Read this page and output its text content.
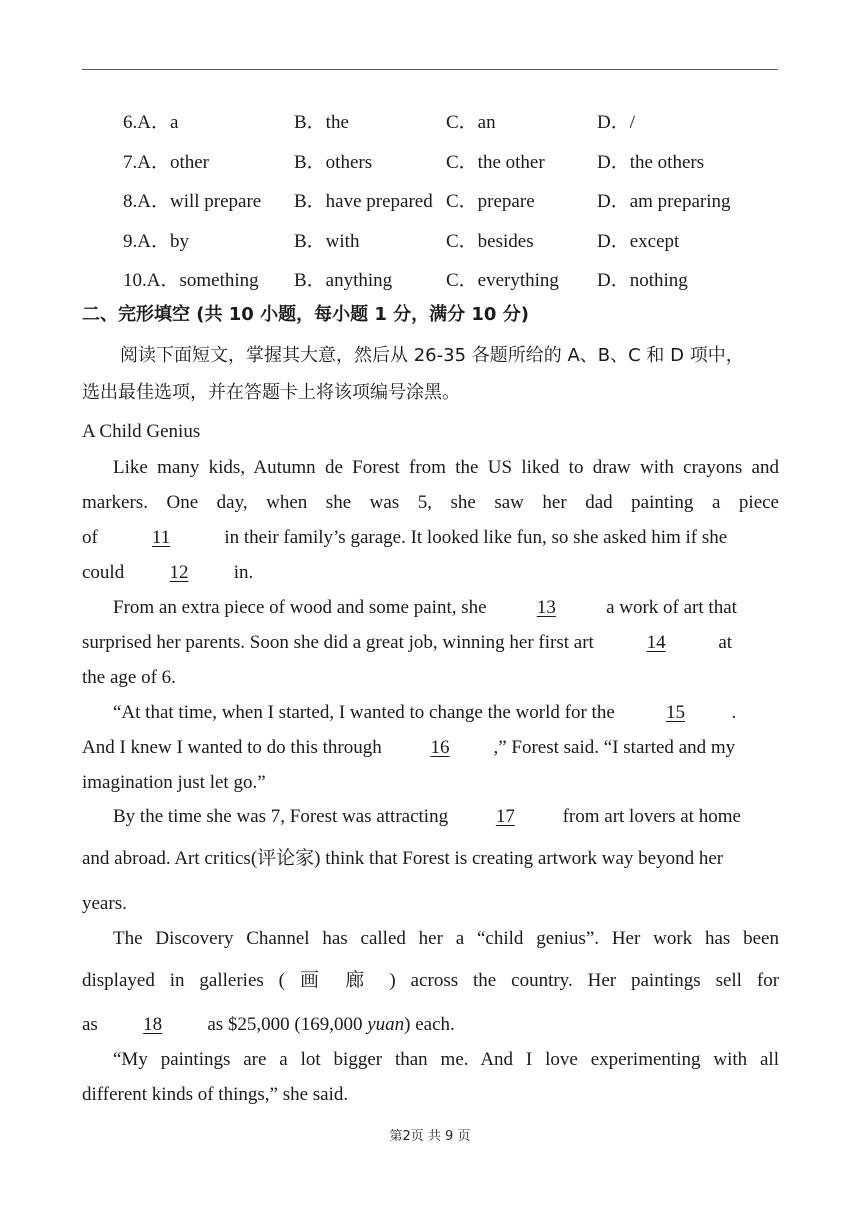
6.A．a	B．the	C．an	D．/
7.A．other	B．others	C．the other	D．the others
8.A．will prepare B．have prepared C．prepare	D．am preparing
9.A．by	B．with	C．besides	D．except
10.A．something B．anything	C．everything D．nothing
二、完形填空 (共 10 小题，每小题 1 分，满分 10 分)
阅读下面短文，掌握其大意，然后从 26-35 各题所给的 A、B、C 和 D 项中，
选出最佳选项，并在答题卡上将该项编号涂黑。
A Child Genius
Like many kids, Autumn de Forest from the US liked to draw with crayons and
markers. One day, when she was 5, she saw her dad painting a piece
of	11	in their family’s garage. It looked like fun, so she asked him if she
could 12 in.
From an extra piece of wood and some paint, she 13 a work of art that
surprised her parents. Soon she did a great job, winning her first art	14	at
the age of 6.
“At that time, when I started, I wanted to change the world for the 15 .
And I knew I wanted to do this through 16 ,” Forest said. “I started and my
imagination just let go.”
By the time she was 7, Forest was attracting 17 from art lovers at home
and abroad. Art critics(评论家) think that Forest is creating artwork way beyond her
years.
The Discovery Channel has called her a “child genius”. Her work has been
displayed in galleries ( 画 廊 ) across the country. Her paintings sell for
as 18 as $25,000 (169,000 yuan) each.
“My paintings are a lot bigger than me. And I love experimenting with all
different kinds of things,” she said.
第2页 共 9 页
